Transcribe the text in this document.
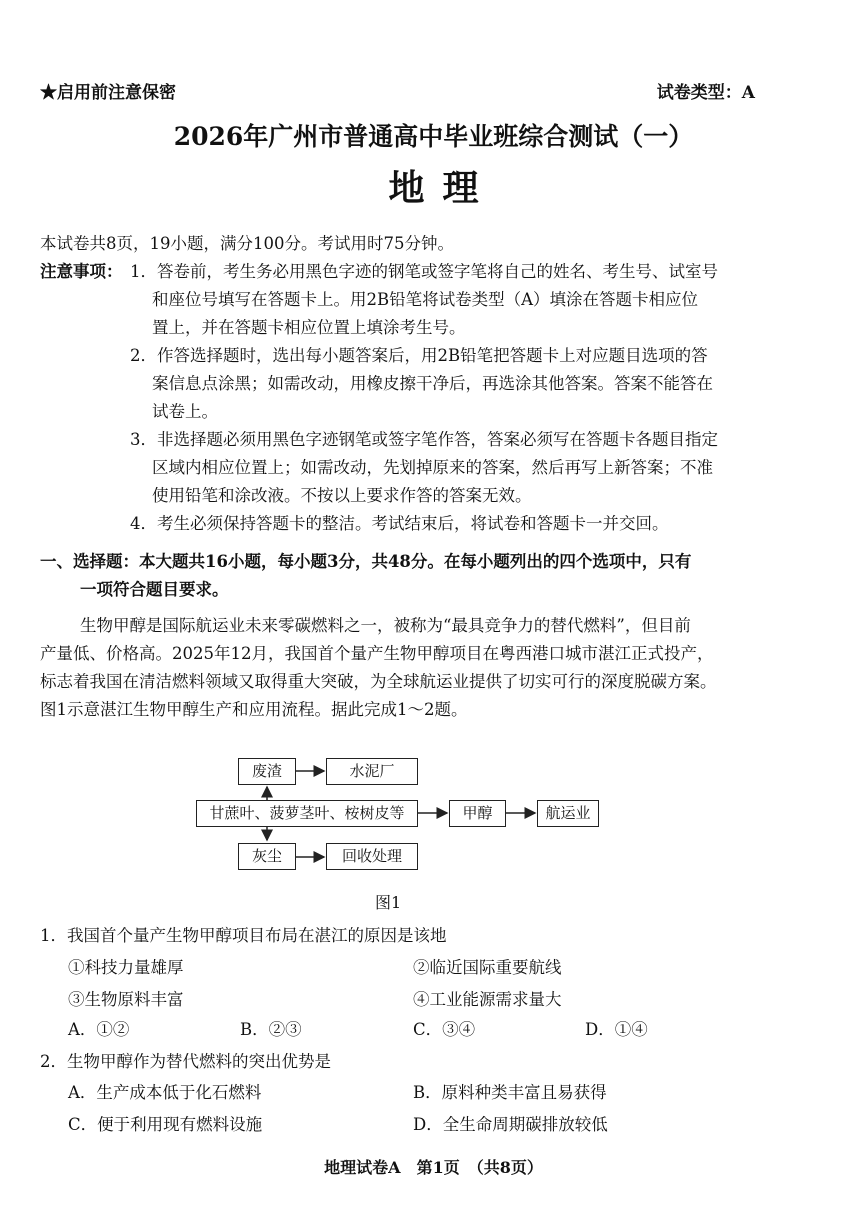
★启用前注意保密	试卷类型：A
2026年广州市普通高中毕业班综合测试（一）
地理
本试卷共8页，19小题，满分100分。考试用时75分钟。
注意事项： 1．答卷前，考生务必用黑色字迹的钢笔或签字笔将自己的姓名、考生号、试室号
和座位号填写在答题卡上。用2B铅笔将试卷类型（A）填涂在答题卡相应位
置上，并在答题卡相应位置上填涂考生号。
2．作答选择题时，选出每小题答案后，用2B铅笔把答题卡上对应题目选项的答
案信息点涂黑；如需改动，用橡皮擦干净后，再选涂其他答案。答案不能答在
试卷上。
3．非选择题必须用黑色字迹钢笔或签字笔作答，答案必须写在答题卡各题目指定
区域内相应位置上；如需改动，先划掉原来的答案，然后再写上新答案；不准
使用铅笔和涂改液。不按以上要求作答的答案无效。
4．考生必须保持答题卡的整洁。考试结束后，将试卷和答题卡一并交回。
一、选择题：本大题共16小题，每小题3分，共48分。在每小题列出的四个选项中，只有
一项符合题目要求。
生物甲醇是国际航运业未来零碳燃料之一，被称为“最具竞争力的替代燃料”，但目前
产量低、价格高。2025年12月，我国首个量产生物甲醇项目在粤西港口城市湛江正式投产，
标志着我国在清洁燃料领域又取得重大突破，为全球航运业提供了切实可行的深度脱碳方案。
图1示意湛江生物甲醇生产和应用流程。据此完成1～2题。
废渣	水泥厂
甘蔗叶、菠萝茎叶、桉树皮等	甲醇	航运业
灰尘	回收处理
图1
1．我国首个量产生物甲醇项目布局在湛江的原因是该地
①科技力量雄厚	②临近国际重要航线
③生物原料丰富	④工业能源需求量大
A．①②	B．②③	C．③④	D．①④
2．生物甲醇作为替代燃料的突出优势是
A．生产成本低于化石燃料	B．原料种类丰富且易获得
C．便于利用现有燃料设施	D．全生命周期碳排放较低
地理试卷A　第1页　（共8页）
